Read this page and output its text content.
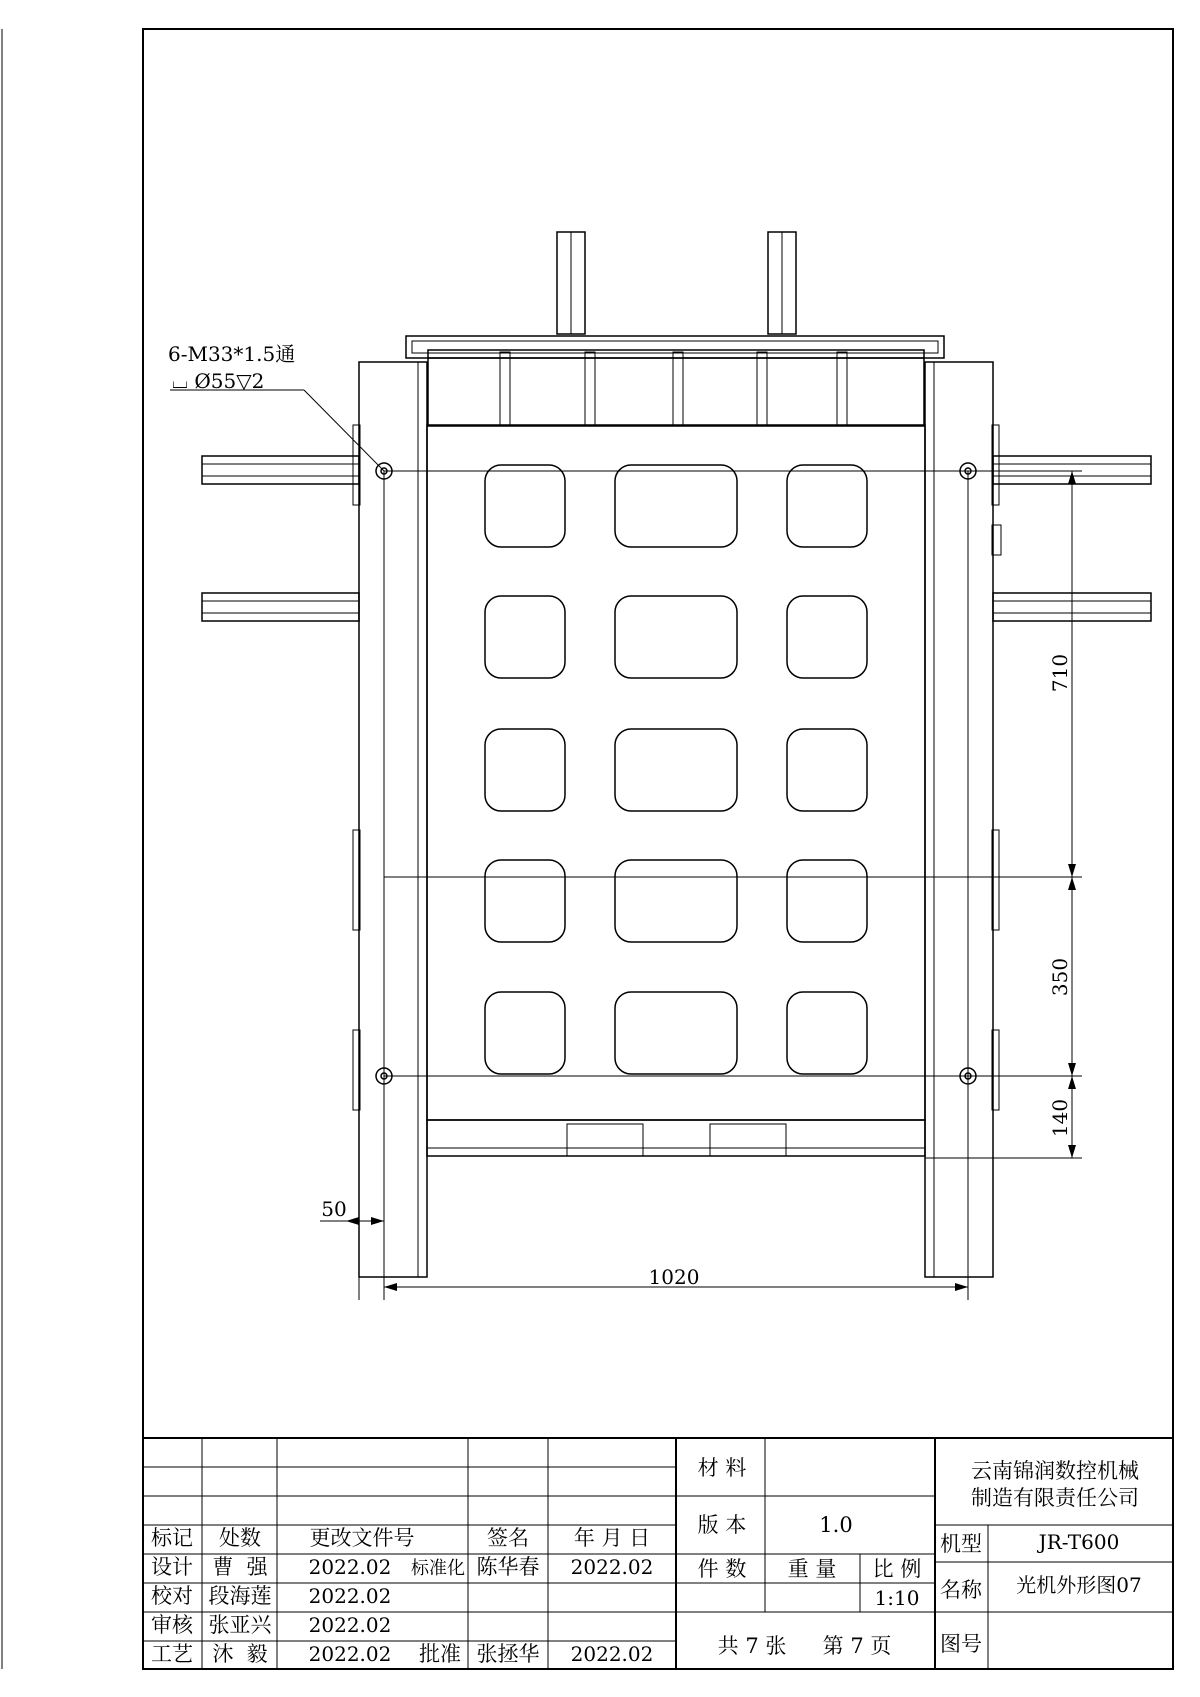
710
350
140
50
1020
6-M33*1.5通
⌴ Ø55▽2
标记 处数 更改文件号	签名 年 月 日
设计 曹  强 2022.02 标准化 陈华春 2022.02
校对 段海莲 2022.02
审核 张亚兴 2022.02
工艺 沐  毅 2022.02 批准 张拯华 2022.02
材 料
版 本	1.0
件 数 重 量 比 例
1:10
共 7 张 第 7 页
云南锦润数控机械
制造有限责任公司
机型	JR-T600
名称 光机外形图07
图号
